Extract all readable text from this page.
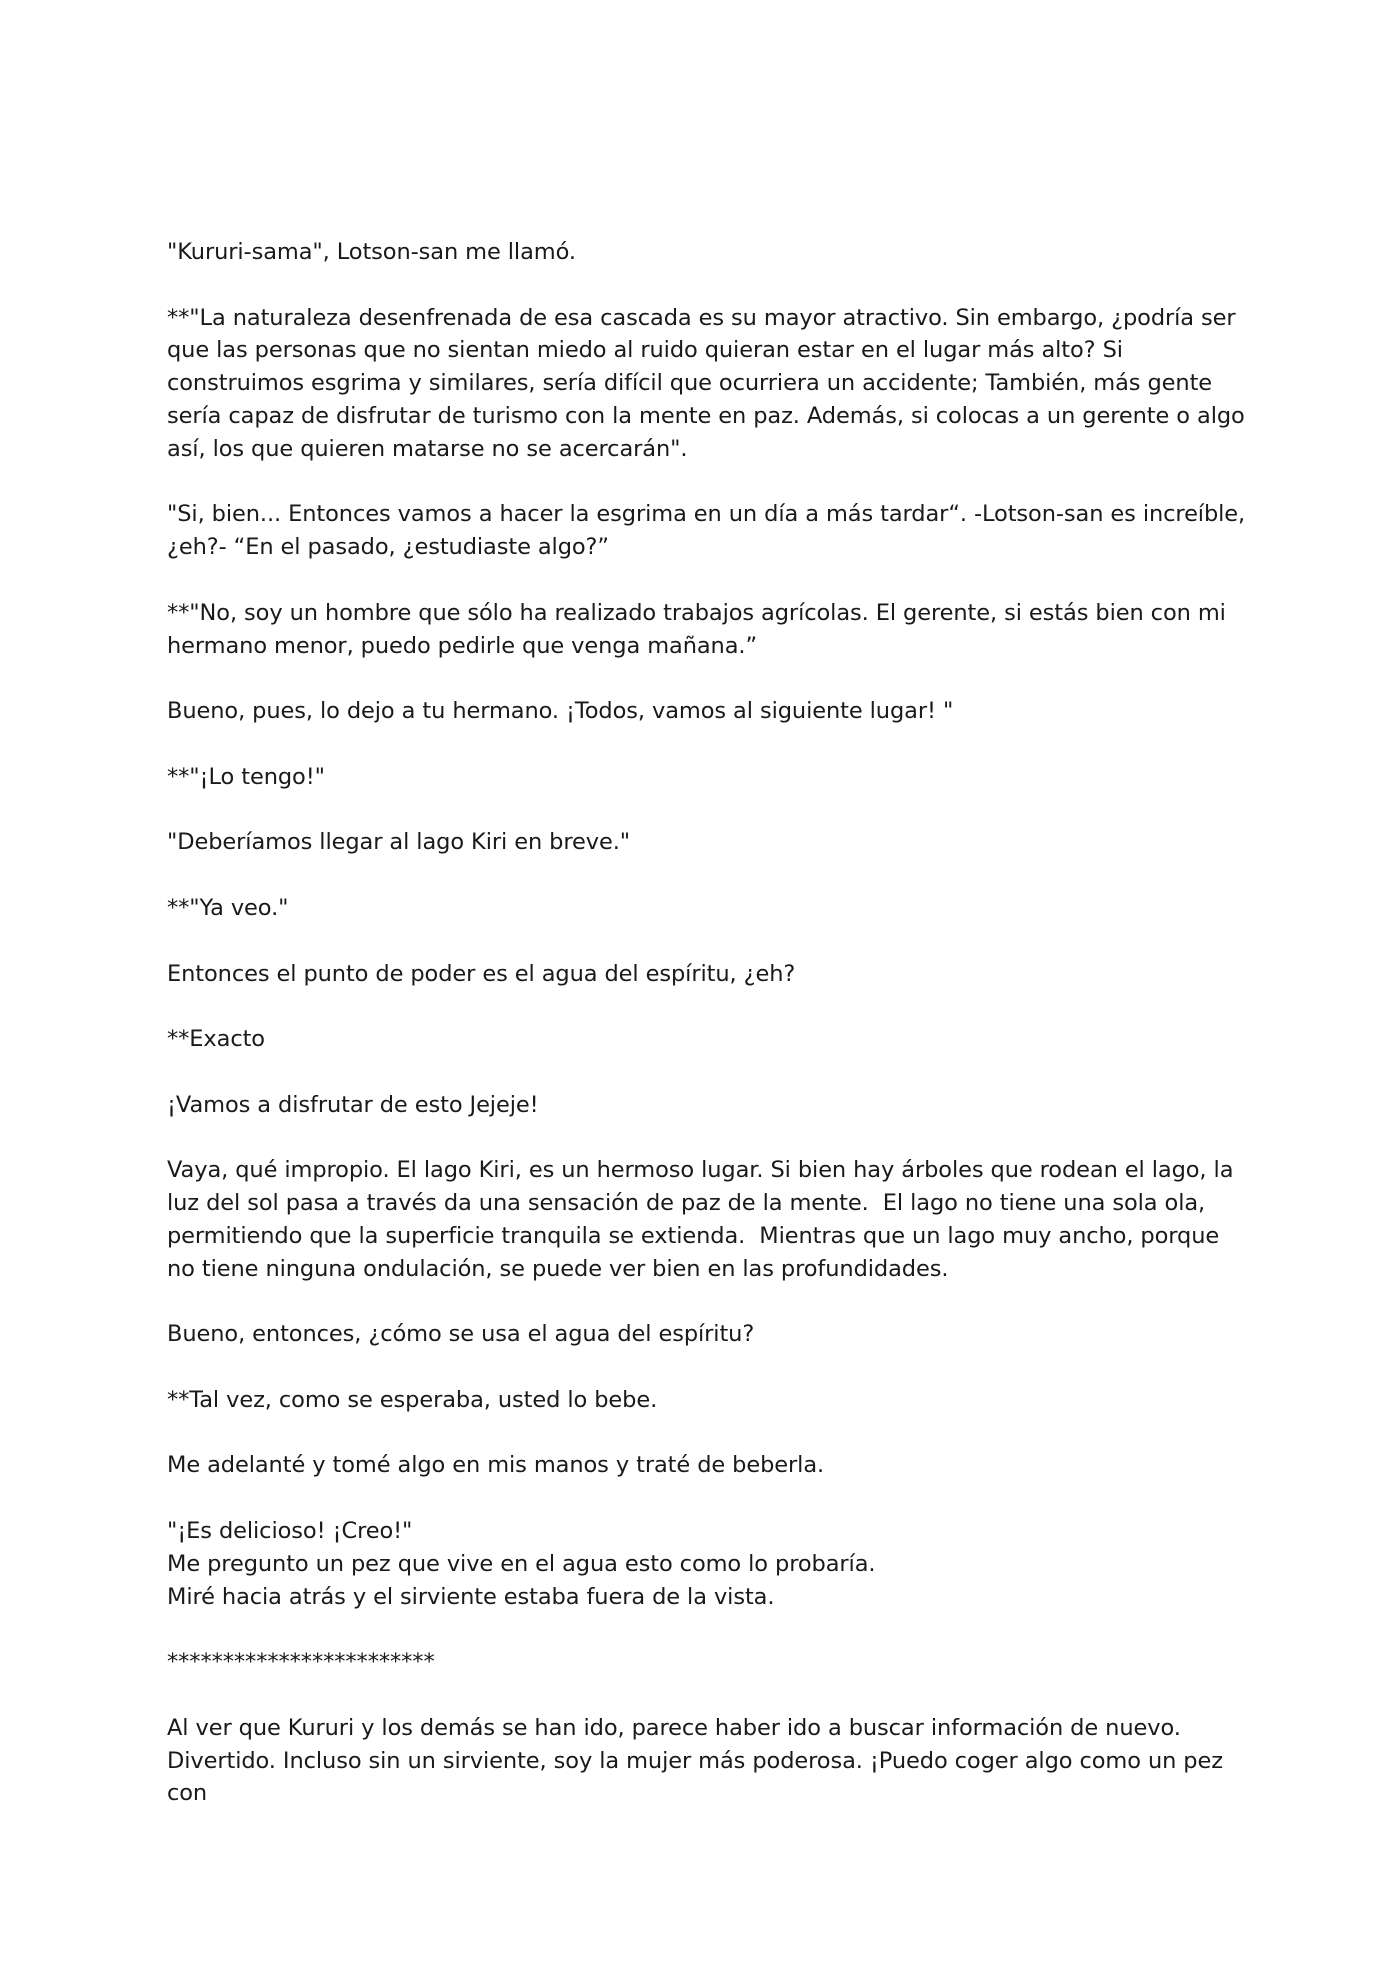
"Kururi-sama", Lotson-san me llamó.

**"La naturaleza desenfrenada de esa cascada es su mayor atractivo. Sin embargo, ¿podría ser que las personas que no sientan miedo al ruido quieran estar en el lugar más alto? Si construimos esgrima y similares, sería difícil que ocurriera un accidente; También, más gente sería capaz de disfrutar de turismo con la mente en paz. Además, si colocas a un gerente o algo así, los que quieren matarse no se acercarán".

"Si, bien... Entonces vamos a hacer la esgrima en un día a más tardar“. -Lotson-san es increíble, ¿eh?- “En el pasado, ¿estudiaste algo?”

**"No, soy un hombre que sólo ha realizado trabajos agrícolas. El gerente, si estás bien con mi hermano menor, puedo pedirle que venga mañana.”

Bueno, pues, lo dejo a tu hermano. ¡Todos, vamos al siguiente lugar! "

**"¡Lo tengo!"

"Deberíamos llegar al lago Kiri en breve."

**"Ya veo."

Entonces el punto de poder es el agua del espíritu, ¿eh?

**Exacto

¡Vamos a disfrutar de esto Jejeje!

Vaya, qué impropio. El lago Kiri, es un hermoso lugar. Si bien hay árboles que rodean el lago, la luz del sol pasa a través da una sensación de paz de la mente.  El lago no tiene una sola ola, permitiendo que la superficie tranquila se extienda.  Mientras que un lago muy ancho, porque no tiene ninguna ondulación, se puede ver bien en las profundidades.

Bueno, entonces, ¿cómo se usa el agua del espíritu?

**Tal vez, como se esperaba, usted lo bebe.

Me adelanté y tomé algo en mis manos y traté de beberla.

"¡Es delicioso! ¡Creo!"
Me pregunto un pez que vive en el agua esto como lo probaría.
Miré hacia atrás y el sirviente estaba fuera de la vista.

************************

Al ver que Kururi y los demás se han ido, parece haber ido a buscar información de nuevo. Divertido. Incluso sin un sirviente, soy la mujer más poderosa. ¡Puedo coger algo como un pez con
